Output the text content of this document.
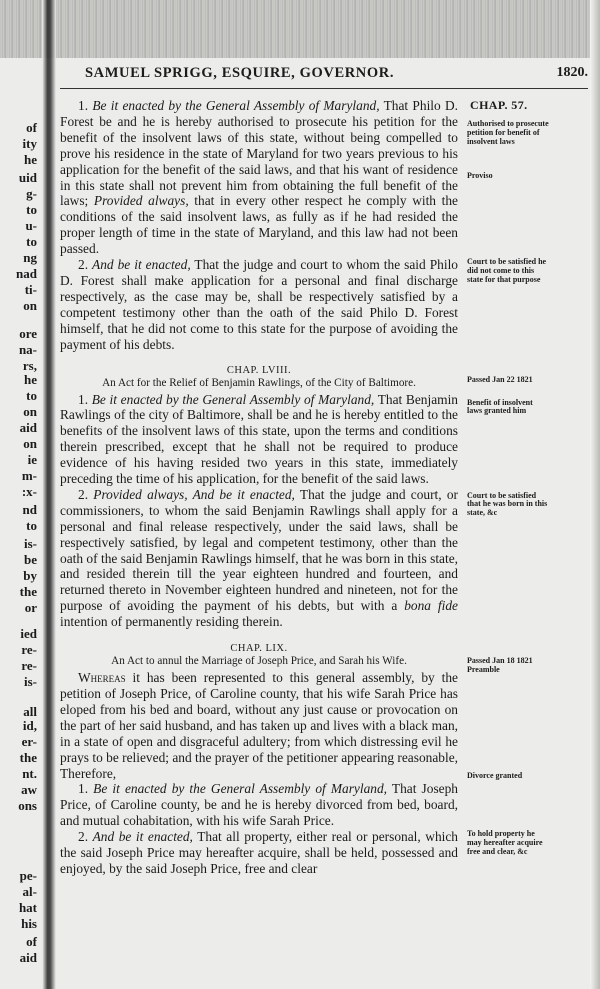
of
ity
he
uid
g-
to
u-
to
ng
nad
ti-
on
ore
na-
rs,
he
to
on
aid
on
ie
m-
:x-
nd
to
is-
be
by
the
or
ied
re-
re-
is-
all
id,
er-
the
nt.
aw
ons
pe-
al-
hat
his
of
aid
SAMUEL SPRIGG, ESQUIRE, GOVERNOR.	1820.
CHAP. 57.
Authorised to prosecute petition for benefit of insolvent laws
Proviso
Court to be satisfied he did not come to this state for that purpose

1. Be it enacted by the General Assembly of Maryland, That Philo D. Forest be and he is hereby authorised to prosecute his petition for the benefit of the insolvent laws of this state, without being compelled to prove his residence in the state of Maryland for two years previous to his application for the benefit of the said laws, and that his want of residence in this state shall not prevent him from obtaining the full benefit of the laws; Provided always, that in every other respect he comply with the conditions of the said insolvent laws, as fully as if he had resided the proper length of time in the state of Maryland, and this law had not been passed.

2. And be it enacted, That the judge and court to whom the said Philo D. Forest shall make application for a personal and final discharge respectively, as the case may be, shall be respectively satisfied by a competent testimony other than the oath of the said Philo D. Forest himself, that he did not come to this state for the purpose of avoiding the payment of his debts.

CHAP. LVIII.
Passed Jan 22 1821
Benefit of insolvent laws granted him
Court to be satisfied that he was born in this state, &c
An Act for the Relief of Benjamin Rawlings, of the City of Baltimore.

1. Be it enacted by the General Assembly of Maryland, That Benjamin Rawlings of the city of Baltimore, shall be and he is hereby entitled to the benefits of the insolvent laws of this state, upon the terms and conditions therein prescribed, except that he shall not be required to produce evidence of his having resided two years in this state, immediately preceding the time of his application, for the benefit of the said laws.

2. Provided always, And be it enacted, That the judge and court, or commissioners, to whom the said Benjamin Rawlings shall apply for a personal and final release respectively, under the said laws, shall be respectively satisfied, by legal and competent testimony, other than the oath of the said Benjamin Rawlings himself, that he was born in this state, and resided therein till the year eighteen hundred and fourteen, and returned thereto in November eighteen hundred and nineteen, not for the purpose of avoiding the payment of his debts, but with a bona fide intention of permanently residing therein.

CHAP. LIX.
Passed Jan 18 1821
Preamble
Divorce granted
To hold property he may hereafter acquire free and clear, &c
An Act to annul the Marriage of Joseph Price, and Sarah his Wife.

Whereas it has been represented to this general assembly, by the petition of Joseph Price, of Caroline county, that his wife Sarah Price has eloped from his bed and board, without any just cause or provocation on the part of her said husband, and has taken up and lives with a black man, in a state of open and disgraceful adultery; from which distressing evil he prays to be relieved; and the prayer of the petitioner appearing reasonable, Therefore,

1. Be it enacted by the General Assembly of Maryland, That Joseph Price, of Caroline county, be and he is hereby divorced from bed, board, and mutual cohabitation, with his wife Sarah Price.

2. And be it enacted, That all property, either real or personal, which the said Joseph Price may hereafter acquire, shall be held, possessed and enjoyed, by the said Joseph Price, free and clear
